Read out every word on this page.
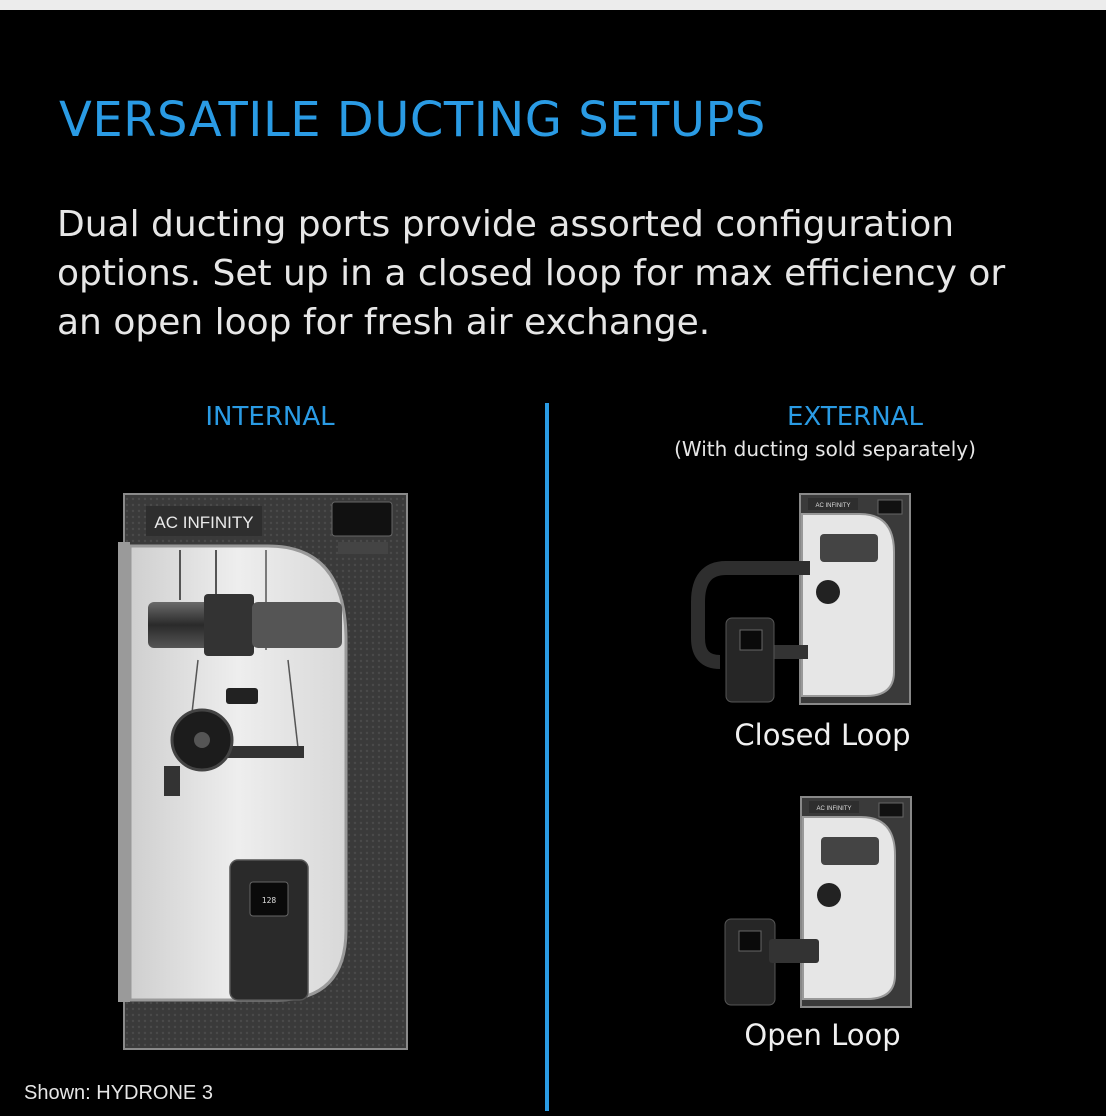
VERSATILE DUCTING SETUPS
Dual ducting ports provide assorted configuration options. Set up in a closed loop for max efficiency or an open loop for fresh air exchange.
INTERNAL	EXTERNAL
(With ducting sold separately)
128
AC INFINITY
AC INFINITY
Closed Loop
AC INFINITY
Open Loop
Shown: HYDRONE 3
